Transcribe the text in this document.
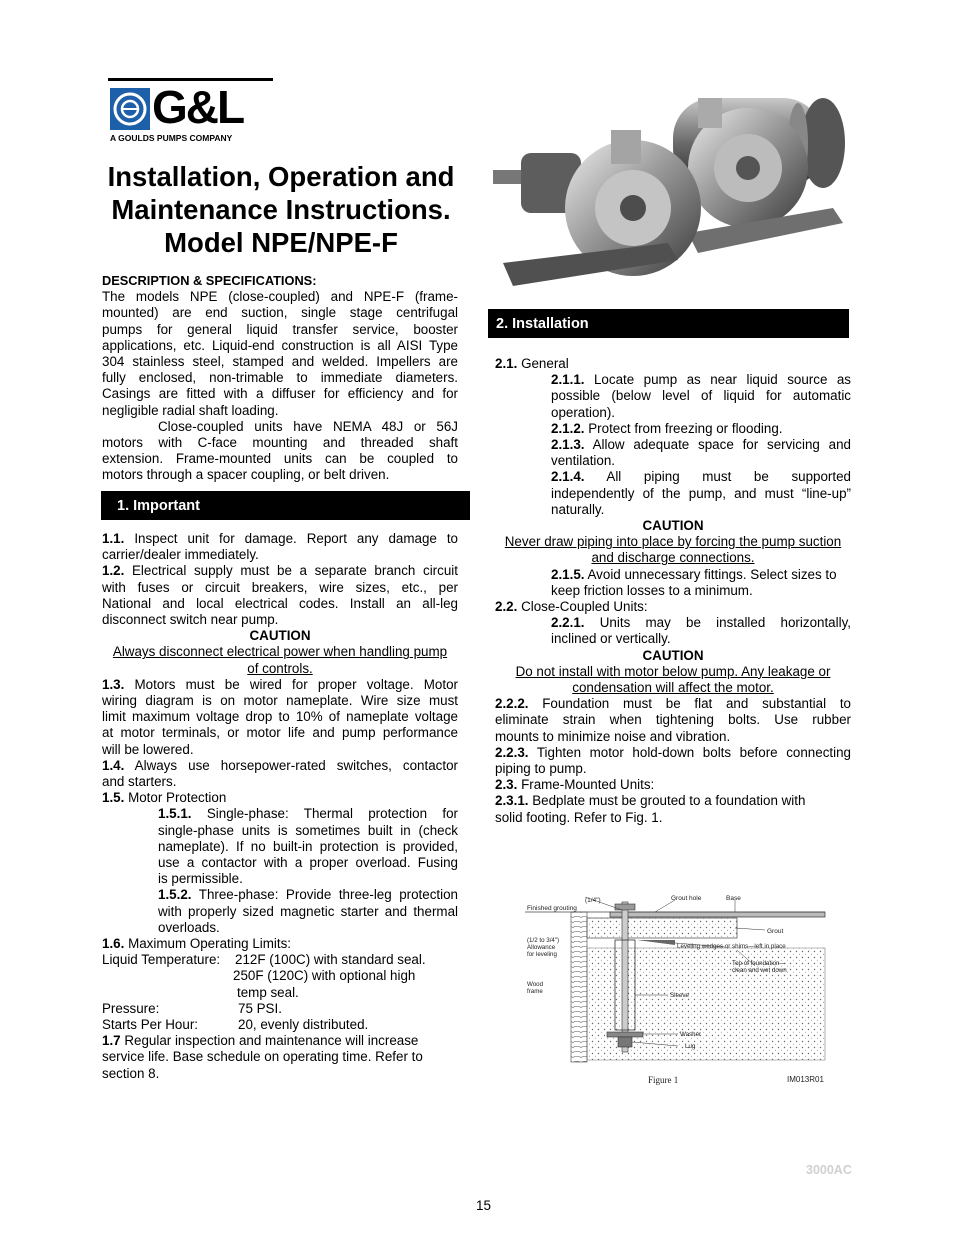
G&L
A GOULDS PUMPS COMPANY
Installation, Operation and
Maintenance Instructions.
Model NPE/NPE-F
DESCRIPTION & SPECIFICATIONS:
The models NPE (close-coupled) and NPE-F (frame-
mounted) are end suction, single stage centrifugal
pumps for general liquid transfer service, booster
applications, etc. Liquid-end construction is all AISI Type
304 stainless steel, stamped and welded. Impellers are
fully enclosed, non-trimable to immediate diameters.
Casings are fitted with a diffuser for efficiency and for
negligible radial shaft loading.
Close-coupled units have NEMA 48J or 56J
motors with C-face mounting and threaded shaft
extension. Frame-mounted units can be coupled to
motors through a spacer coupling, or belt driven.
1. Important
1.1. Inspect unit for damage. Report any damage to
carrier/dealer immediately.
1.2. Electrical supply must be a separate branch circuit
with fuses or circuit breakers, wire sizes, etc., per
National and local electrical codes. Install an all-leg
disconnect switch near pump.
CAUTION
Always disconnect electrical power when handling pump
of controls.
1.3. Motors must be wired for proper voltage. Motor
wiring diagram is on motor nameplate. Wire size must
limit maximum voltage drop to 10% of nameplate voltage
at motor terminals, or motor life and pump performance
will be lowered.
1.4. Always use horsepower-rated switches, contactor
and starters.
1.5. Motor Protection
1.5.1. Single-phase: Thermal protection for
single-phase units is sometimes built in (check
nameplate). If no built-in protection is provided,
use a contactor with a proper overload. Fusing
is permissible.
1.5.2. Three-phase: Provide three-leg protection
with properly sized magnetic starter and thermal
overloads.
1.6. Maximum Operating Limits:
Liquid Temperature: 212F (100C) with standard seal.
250F (120C) with optional high
temp seal.
Pressure:	75 PSI.
Starts Per Hour:	20, evenly distributed.
1.7 Regular inspection and maintenance will increase
service life. Base schedule on operating time. Refer to
section 8.
2. Installation
2.1. General
2.1.1. Locate pump as near liquid source as
possible (below level of liquid for automatic
operation).
2.1.2. Protect from freezing or flooding.
2.1.3. Allow adequate space for servicing and
ventilation.
2.1.4. All piping must be supported
independently of the pump, and must “line-up”
naturally.
CAUTION
Never draw piping into place by forcing the pump suction
and discharge connections.
2.1.5. Avoid unnecessary fittings. Select sizes to
keep friction losses to a minimum.
2.2. Close-Coupled Units:
2.2.1. Units may be installed horizontally,
inclined or vertically.
CAUTION
Do not install with motor below pump. Any leakage or
condensation will affect the motor.
2.2.2. Foundation must be flat and substantial to
eliminate strain when tightening bolts. Use rubber
mounts to minimize noise and vibration.
2.2.3. Tighten motor hold-down bolts before connecting
piping to pump.
2.3. Frame-Mounted Units:
2.3.1. Bedplate must be grouted to a foundation with
solid footing. Refer to Fig. 1.
(1/4")	Grout hole	Base
Finished grouting
Grout
(1/2 to 3/4")
Allowance
for leveling
Leveling wedges or shims—left in place
Top of foundation—
clean and wet down
Wood
frame
Sleeve
Washer
Lug
Figure 1	IM013R01
3000AC
15
